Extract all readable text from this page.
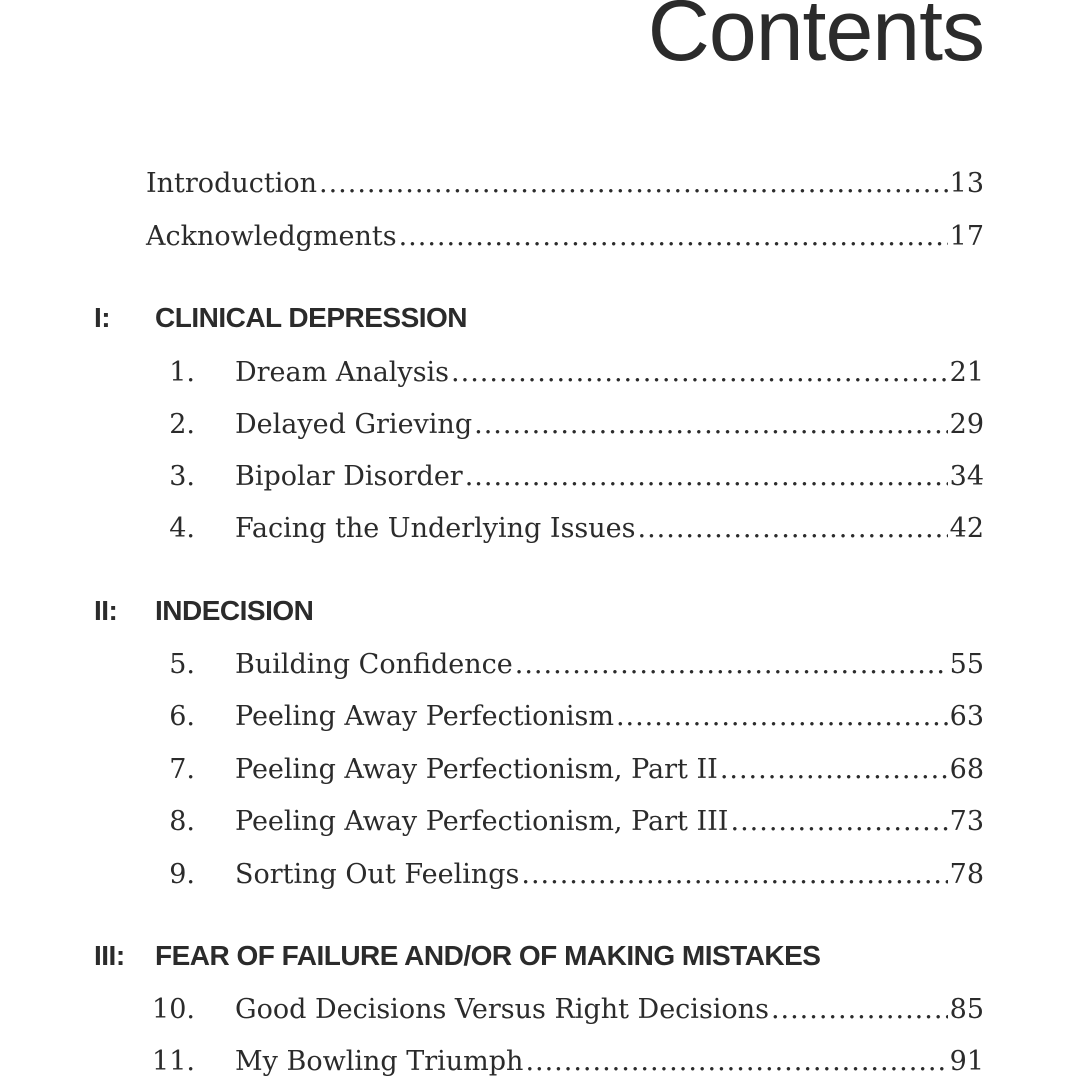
Contents
Introduction .....	13
Acknowledgments .....	17
I: CLINICAL DEPRESSION
1. Dream Analysis .....	21
2. Delayed Grieving .....	29
3. Bipolar Disorder .....	34
4. Facing the Underlying Issues .....	42
II: INDECISION
5. Building Confidence .....	55
6. Peeling Away Perfectionism .....	63
7. Peeling Away Perfectionism, Part II .....	68
8. Peeling Away Perfectionism, Part III .....	73
9. Sorting Out Feelings .....	78
III: FEAR OF FAILURE AND/OR OF MAKING MISTAKES
10. Good Decisions Versus Right Decisions .....	85
11. My Bowling Triumph .....	91
